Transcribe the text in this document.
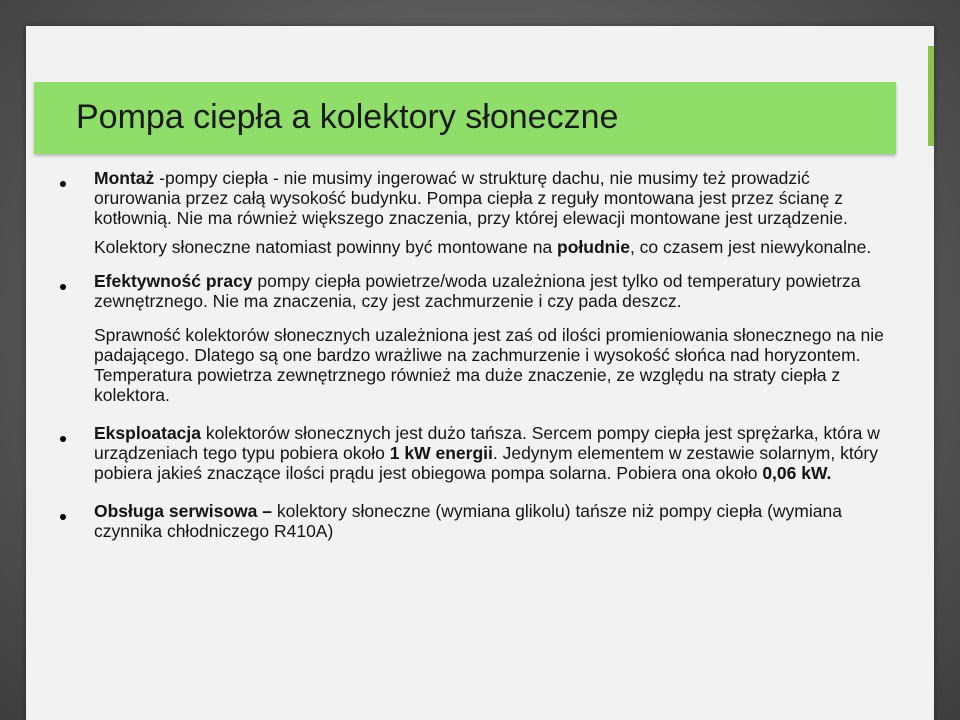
Pompa ciepła a kolektory słoneczne

Montaż -pompy ciepła - nie musimy ingerować w strukturę dachu, nie musimy też prowadzić orurowania przez całą wysokość budynku. Pompa ciepła z reguły montowana jest przez ścianę z kotłownią. Nie ma również większego znaczenia, przy której elewacji montowane jest urządzenie.

Kolektory słoneczne natomiast powinny być montowane na południe, co czasem jest niewykonalne.

Efektywność pracy pompy ciepła powietrze/woda uzależniona jest tylko od temperatury powietrza zewnętrznego. Nie ma znaczenia, czy jest zachmurzenie i czy pada deszcz.

Sprawność kolektorów słonecznych uzależniona jest zaś od ilości promieniowania słonecznego na nie padającego. Dlatego są one bardzo wrażliwe na zachmurzenie i wysokość słońca nad horyzontem. Temperatura powietrza zewnętrznego również ma duże znaczenie, ze względu na straty ciepła z kolektora.

Eksploatacja kolektorów słonecznych jest dużo tańsza. Sercem pompy ciepła jest sprężarka, która w urządzeniach tego typu pobiera około 1 kW energii. Jedynym elementem w zestawie solarnym, który pobiera jakieś znaczące ilości prądu jest obiegowa pompa solarna. Pobiera ona około 0,06 kW.

Obsługa serwisowa – kolektory słoneczne (wymiana glikolu) tańsze niż pompy ciepła (wymiana czynnika chłodniczego R410A)
